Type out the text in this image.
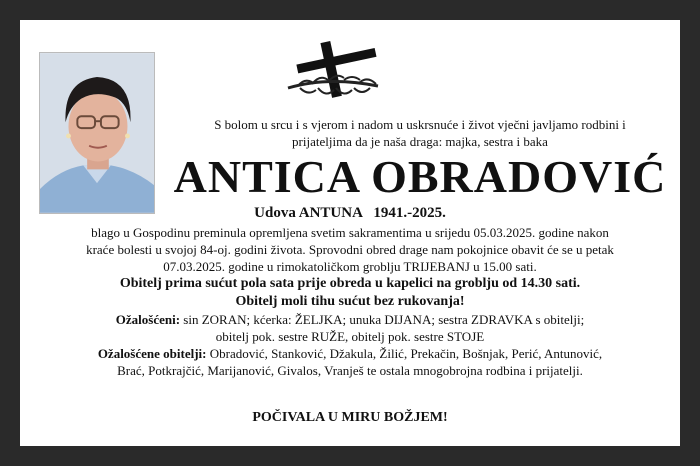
S bolom u srcu i s vjerom i nadom u uskrsnuće i život vječni javljamo rodbini i
prijateljima da je naša draga: majka, sestra i baka
ANTICA OBRADOVIĆ
Udova ANTUNA 1941.-2025.

blago u Gospodinu preminula opremljena svetim sakramentima u srijedu 05.03.2025. godine nakon

kraće bolesti u svojoj 84-oj. godini života. Sprovodni obred drage nam pokojnice obavit će se u petak

07.03.2025. godine u rimokatoličkom groblju TRIJEBANJ u 15.00 sati.

Obitelj prima sućut pola sata prije obreda u kapelici na groblju od 14.30 sati.

Obitelj moli tihu sućut bez rukovanja!

Ožalošćeni: sin ZORAN; kćerka: ŽELJKA; unuka DIJANA; sestra ZDRAVKA s obitelji;

obitelj pok. sestre RUŽE, obitelj pok. sestre STOJE

Ožalošćene obitelji: Obradović, Stanković, Džakula, Žilić, Prekačin, Bošnjak, Perić, Antunović,

Brać, Potkrajčić, Marijanović, Givalos, Vranješ te ostala mnogobrojna rodbina i prijatelji.

POČIVALA U MIRU BOŽJEM!
